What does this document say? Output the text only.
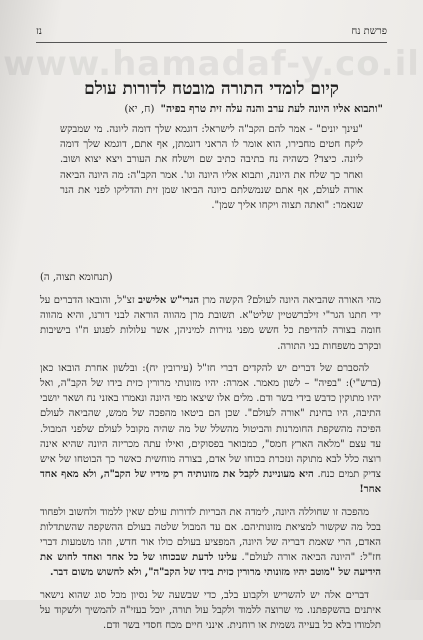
פרשת נח
נז
www.hamadaf-y.co.il
קיום לומדי התורה מובטח לדורות עולם
"ותבוא אליו היונה לעת ערב והנה עלה זית טרף בפיה"(ח, יא)
"עינך יונים" - אמר להם הקב"ה לישראל: דוגמא שלך דומה ליונה. מי שמבקש ליקח חטים מחבירו, הוא אומר לו הראני דוגמתן, אף אתם, דוגמא שלך דומה ליונה. כיצד? כשהיה נח בתיבה כתיב שם וישלח את העורב ויצא יצוא ושוב. ואחר כך שלח את היונה, ותבוא אליו היונה וגו'. אמר הקב"ה: מה היונה הביאה אורה לעולם, אף אתם שנמשלתם כיונה הביאו שמן זית והדליקו לפני את הנר שנאמר: "ואתה תצוה ויקחו אליך שמן".
(תנחומא תצוה, ה)

מהי האורה שהביאה היונה לעולם? הקשה מרן הגרי"ש אלישיב זצ"ל, והובאו הדברים על ידי חתנו הגר"י זילברשטיין שליט"א. תשובת מרן מהווה הוראה לבני דורנו, והיא מהווה חומה בצורה להדיפת כל חשש מפני גזירות למיניהן, אשר עלולות לפגוע ח"ו בישיבות ובקרב משפחות בני התורה.

להסברם של דברים יש להקדים דברי חז"ל (עירובין יח): ובלשון אחרת הובאו כאן (ברש"י): "בפיה" – לשון מאמר. אמרה: יהיו מזונותי מרורין כזית בידו של הקב"ה, ואל יהיו מתוקין כדבש בידי בשר ודם. מלים אלו שיצאו מפי היונה ונאמרו באזני נח ושאר יושבי התיבה, היו בחינת "אורה לעולם". שכן הם ביטאו מהפכה של ממש, שהביאה לעולם הפיכה מהשקפת החומרנות והביטול מהשלל של מה שהיה מקובל לעולם שלפני המבול. עד עצם "מלאה הארץ חמס", כמבואר בפסוקים, ואילו עתה מכריזה היונה שהיא אינה רוצה כלל לבא מתוקה ונזכרת בכוחו של אדם, בצורה מוחשית כאשר כך הבוטחו של איש צדיק תמים כנח. היא מעוניינת לקבל את מזונותיה רק מידיו של הקב"ה, ולא מאף אחד אחר!

מהפכה זו שחוללה היונה, לימדה את הבריות לדורות עולם שאין ללמוד ולחשוב ולפחוד בכל מה שקשור למציאת מזונותיהם. אם עד המבול שלטה בעולם ההשקפה שהשתדלות האדם, הרי שאמת דבריה של היונה, המפציע בעולם כולו אור חדש, וזהו משמעות דברי חז"ל: "היונה הביאה אורה לעולם". עלינו לדעת שבכוחו של כל אחד ואחד לחוש את הידיעה של "מוטב יהיו מזונותי מרורין כזית בידו של הקב"ה", ולא לחשוש משום דבר.

דברים אלה יש להשריש ולקבוע בלב, כדי שבשעה של נסיון מכל סוג שהוא נישאר איתנים בהשקפתנו. מי שרוצה ללמוד ולקבל עול תורה, יוכל בעזי"ה להמשיך ולשקוד על תלמודו בלא כל בעייה גשמית או רוחנית. אינני חיים מכח חסדי בשר ודם.
